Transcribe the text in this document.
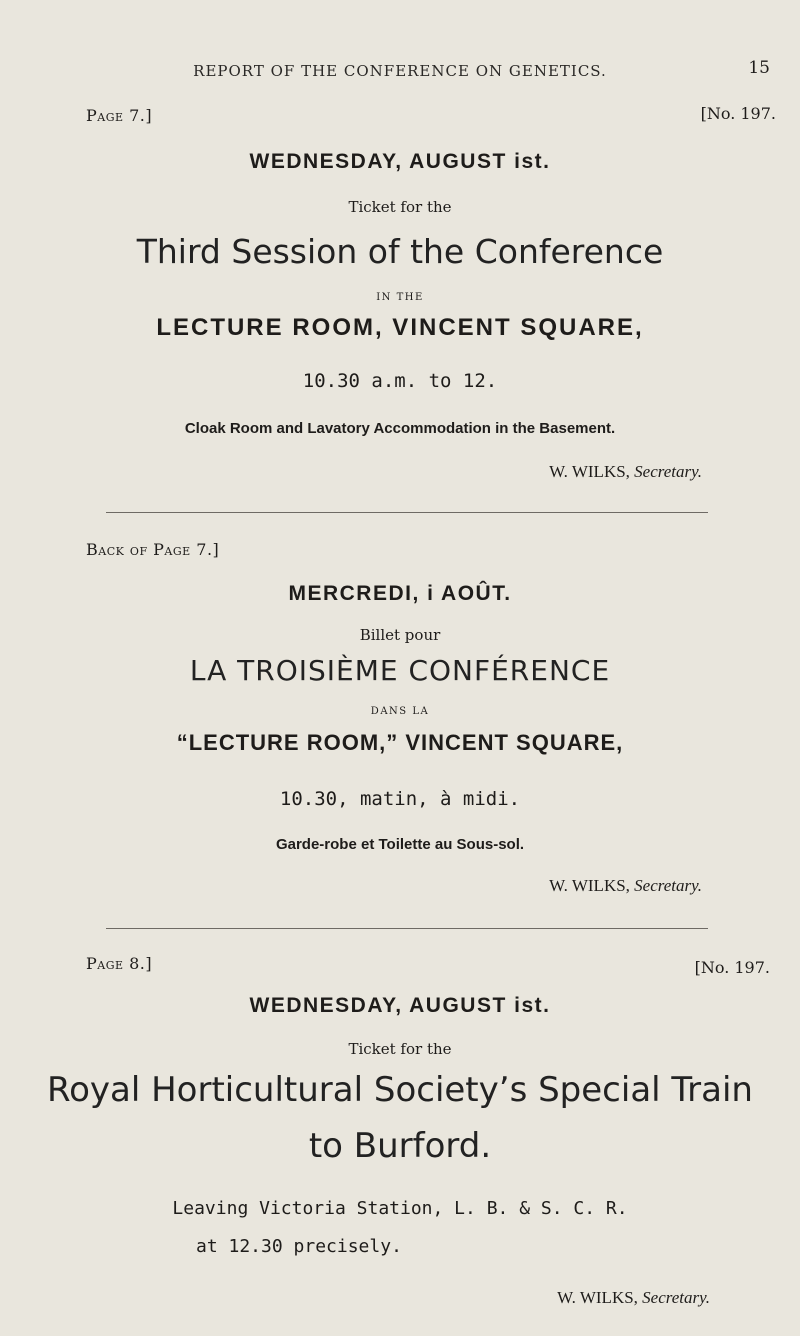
REPORT OF THE CONFERENCE ON GENETICS.	15
Page 7.]	[No. 197.
WEDNESDAY, AUGUST ist.
Ticket for the
Third Session of the Conference
IN THE
LECTURE ROOM, VINCENT SQUARE,
10.30 a.m. to 12.
Cloak Room and Lavatory Accommodation in the Basement.
W. WILKS, Secretary.
Back of Page 7.]
MERCREDI, i AOÛT.
Billet pour
LA TROISIÈME CONFÉRENCE
DANS LA
“LECTURE ROOM,” VINCENT SQUARE,
10.30, matin, à midi.
Garde-robe et Toilette au Sous-sol.
W. WILKS, Secretary.
Page 8.]	[No. 197.
WEDNESDAY, AUGUST ist.
Ticket for the
Royal Horticultural Society’s Special Train
to Burford.
Leaving Victoria Station, L. B. & S. C. R.
at 12.30 precisely.
W. WILKS, Secretary.
